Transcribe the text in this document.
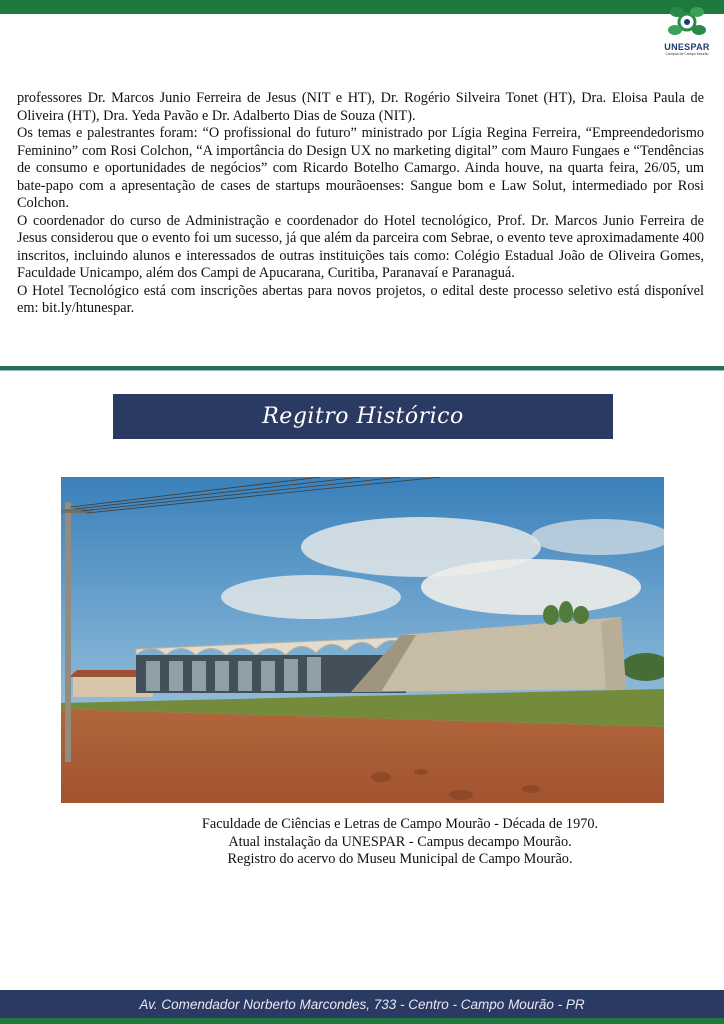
UNESPAR
Campus de Campo Mourão

professores Dr. Marcos Junio Ferreira de Jesus (NIT e HT), Dr. Rogério Silveira Tonet (HT), Dra. Eloisa Paula de Oliveira (HT), Dra. Yeda Pavão e Dr. Adalberto Dias de Souza (NIT).

Os temas e palestrantes foram: “O profissional do futuro” ministrado por Lígia Regina Ferreira, “Empreendedorismo Feminino” com Rosi Colchon, “A importância do Design UX no marketing digital” com Mauro Fungaes e “Tendências de consumo e oportunidades de negócios” com Ricardo Botelho Camargo. Ainda houve, na quarta feira, 26/05, um bate-papo com a apresentação de cases de startups mourãoenses: Sangue bom e Law Solut, intermediado por Rosi Colchon.

O coordenador do curso de Administração e coordenador do Hotel tecnológico, Prof. Dr. Marcos Junio Ferreira de Jesus considerou que o evento foi um sucesso, já que além da parceira com Sebrae, o evento teve aproximadamente 400 inscritos, incluindo alunos e interessados de outras instituições tais como: Colégio Estadual João de Oliveira Gomes, Faculdade Unicampo, além dos Campi de Apucarana, Curitiba, Paranavaí e Paranaguá.

O Hotel Tecnológico está com inscrições abertas para novos projetos, o edital deste processo seletivo está disponível em: bit.ly/htunespar.

Regitro Histórico
Faculdade de Ciências e Letras de Campo Mourão - Década de 1970.
Atual instalação da UNESPAR - Campus decampo Mourão.
Registro do acervo do Museu Municipal de Campo Mourão.
Av. Comendador Norberto Marcondes, 733 - Centro - Campo Mourão - PR
